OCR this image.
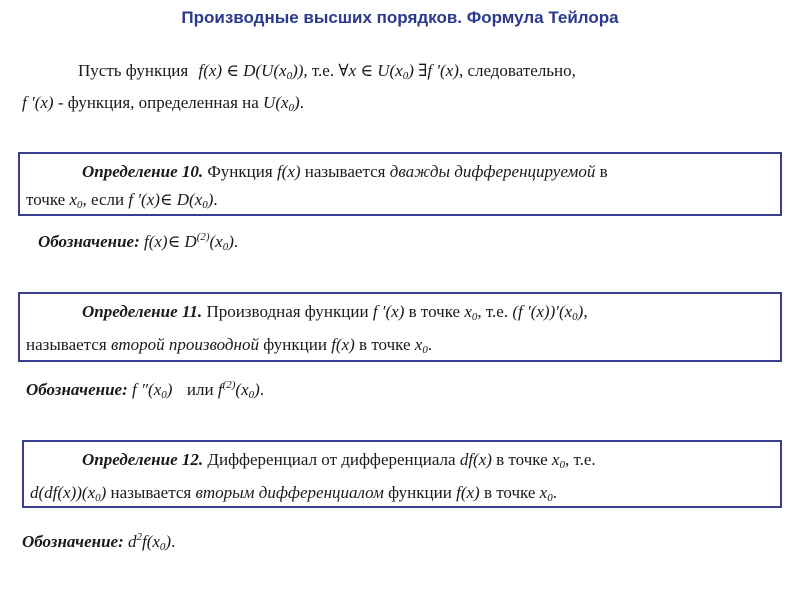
Производные высших порядков. Формула Тейлора
Пусть функция f(x) ∈ $D(U(x_0))$, т.е. ∀x ∈ $U(x_0)$ ∃f ′(x), следовательно,
f ′(x) - функция, определенная на $U(x_0)$.
Определение 10. Функция f(x) называется дважды дифференцируемой в
точке $x_0$, если f ′(x)∈ $D(x_0)$.
Обозначение: f(x)∈ $D^{(2)}(x_0)$.
Определение 11. Производная функции f ′(x) в точке $x_0$, т.е. (f $'(x))'(x_0)$,
называется второй производной функции f(x) в точке $x_0$.
Обозначение: f $''(x_0)$ или $f^{(2)}(x_0)$.
Определение 12. Дифференциал от дифференциала df(x) в точке $x_0$, т.е.
$d(df(x))(x_0)$ называется вторым дифференциалом функции f(x) в точке $x_0$.
Обозначение: $d^2f(x_0)$.
